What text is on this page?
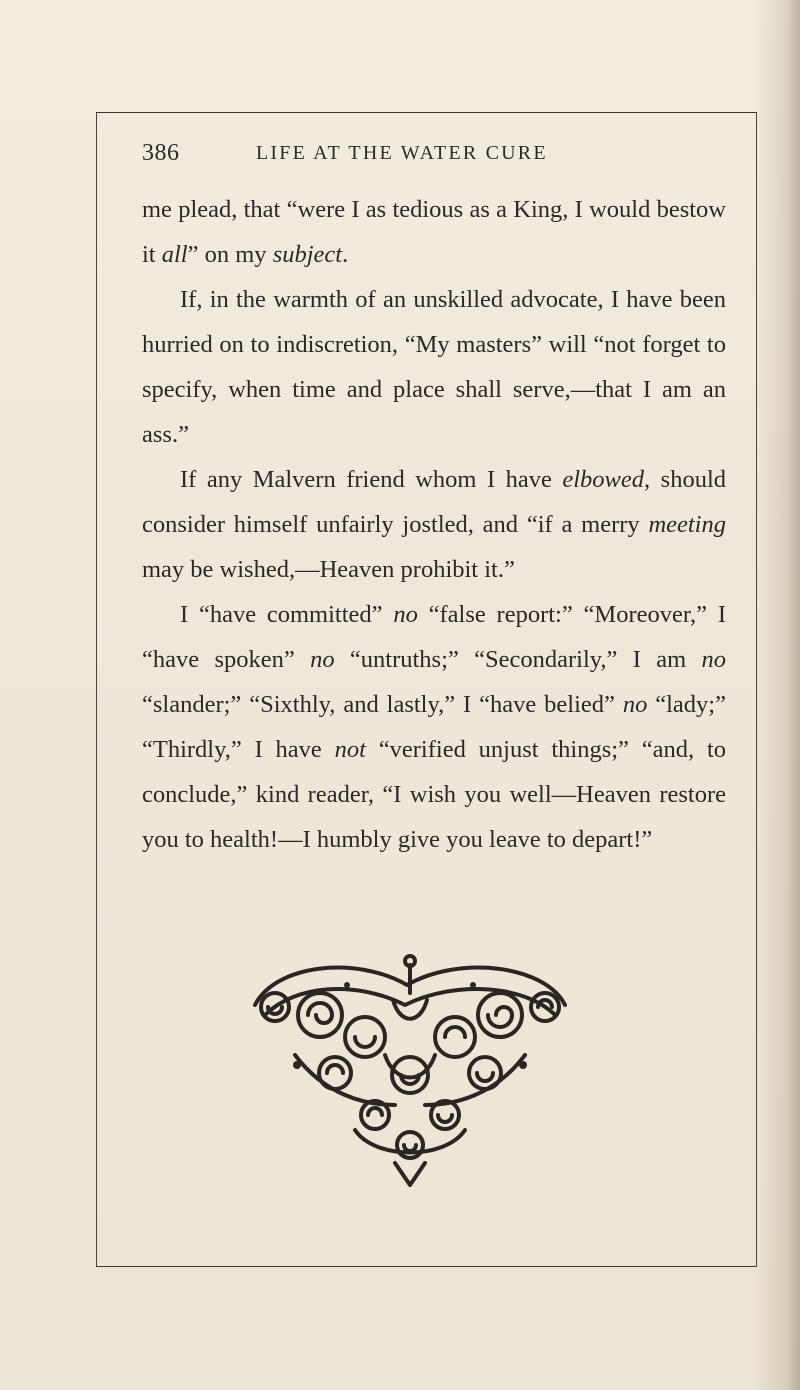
386	LIFE AT THE WATER CURE

me plead, that “were I as tedious as a King, I would bestow it all” on my subject.

If, in the warmth of an unskilled advocate, I have been hurried on to indiscretion, “My masters” will “not forget to specify, when time and place shall serve,—that I am an ass.”

If any Malvern friend whom I have elbowed, should consider himself unfairly jostled, and “if a merry meeting may be wished,—Heaven prohibit it.”

I “have committed” no “false report:” “Moreover,” I “have spoken” no “untruths;” “Secondarily,” I am no “slander;” “Sixthly, and lastly,” I “have belied” no “lady;” “Thirdly,” I have not “verified unjust things;” “and, to conclude,” kind reader, “I wish you well—Heaven restore you to health!—I humbly give you leave to depart!”
